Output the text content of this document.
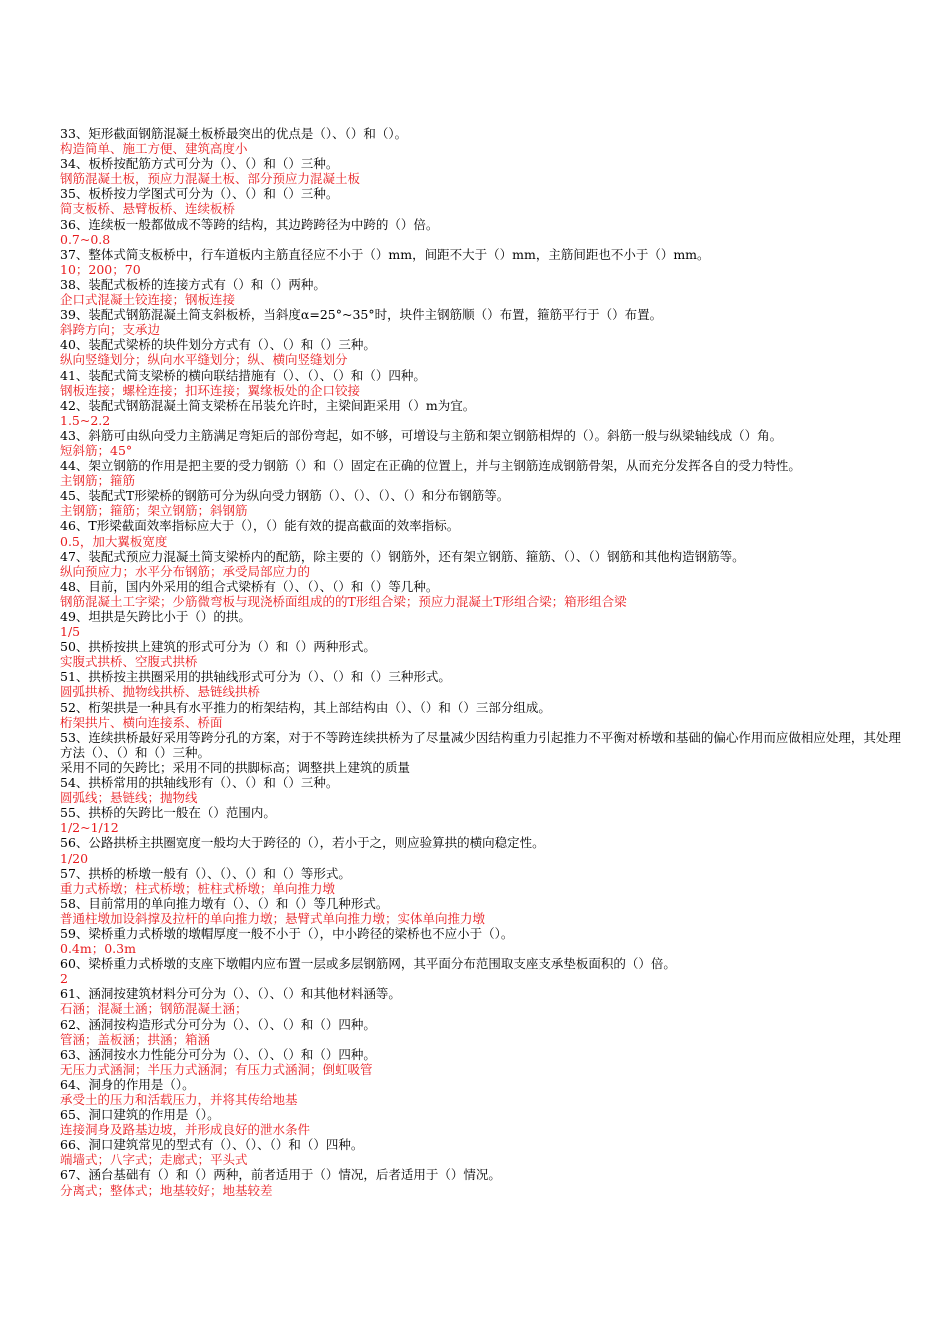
33、矩形截面钢筋混凝土板桥最突出的优点是（）、（）和（）。
构造简单、施工方便、建筑高度小
34、板桥按配筋方式可分为（）、（）和（）三种。
钢筋混凝土板，预应力混凝土板、部分预应力混凝土板
35、板桥按力学图式可分为（）、（）和（）三种。
简支板桥、悬臂板桥、连续板桥
36、连续板一般都做成不等跨的结构，其边跨跨径为中跨的（）倍。
0.7~0.8
37、整体式简支板桥中，行车道板内主筋直径应不小于（）mm，间距不大于（）mm，主筋间距也不小于（）mm。
10；200；70
38、装配式板桥的连接方式有（）和（）两种。
企口式混凝土铰连接；钢板连接
39、装配式钢筋混凝土简支斜板桥，当斜度α=25°~35°时，块件主钢筋顺（）布置，箍筋平行于（）布置。
斜跨方向；支承边
40、装配式梁桥的块件划分方式有（）、（）和（）三种。
纵向竖缝划分；纵向水平缝划分；纵、横向竖缝划分
41、装配式简支梁桥的横向联结措施有（）、（）、（）和（）四种。
钢板连接；螺栓连接；扣环连接；翼缘板处的企口铰接
42、装配式钢筋混凝土简支梁桥在吊装允许时，主梁间距采用（）m为宜。
1.5~2.2
43、斜筋可由纵向受力主筋满足弯矩后的部份弯起，如不够，可增设与主筋和架立钢筋相焊的（）。斜筋一般与纵梁轴线成（）角。
短斜筋；45°
44、架立钢筋的作用是把主要的受力钢筋（）和（）固定在正确的位置上，并与主钢筋连成钢筋骨架，从而充分发挥各自的受力特性。
主钢筋；箍筋
45、装配式T形梁桥的钢筋可分为纵向受力钢筋（）、（）、（）、（）和分布钢筋等。
主钢筋；箍筋；架立钢筋；斜钢筋
46、T形梁截面效率指标应大于（），（）能有效的提高截面的效率指标。
0.5，加大翼板宽度
47、装配式预应力混凝土简支梁桥内的配筋，除主要的（）钢筋外，还有架立钢筋、箍筋、（）、（）钢筋和其他构造钢筋等。
纵向预应力；水平分布钢筋；承受局部应力的
48、目前，国内外采用的组合式梁桥有（）、（）、（）和（）等几种。
钢筋混凝土工字梁；少筋微弯板与现浇桥面组成的的T形组合梁；预应力混凝土T形组合梁；箱形组合梁
49、坦拱是矢跨比小于（）的拱。
1/5
50、拱桥按拱上建筑的形式可分为（）和（）两种形式。
实腹式拱桥、空腹式拱桥
51、拱桥按主拱圈采用的拱轴线形式可分为（）、（）和（）三种形式。
圆弧拱桥、抛物线拱桥、悬链线拱桥
52、桁架拱是一种具有水平推力的桁架结构，其上部结构由（）、（）和（）三部分组成。
桁架拱片、横向连接系、桥面
53、连续拱桥最好采用等跨分孔的方案，对于不等跨连续拱桥为了尽量减少因结构重力引起推力不平衡对桥墩和基础的偏心作用而应做相应处理，其处理方法（）、（）和（）三种。
采用不同的矢跨比；采用不同的拱脚标高；调整拱上建筑的质量
54、拱桥常用的拱轴线形有（）、（）和（）三种。
圆弧线；悬链线；抛物线
55、拱桥的矢跨比一般在（）范围内。
1/2~1/12
56、公路拱桥主拱圈宽度一般均大于跨径的（），若小于之，则应验算拱的横向稳定性。
1/20
57、拱桥的桥墩一般有（）、（）、（）和（）等形式。
重力式桥墩；柱式桥墩；桩柱式桥墩；单向推力墩
58、目前常用的单向推力墩有（）、（）和（）等几种形式。
普通柱墩加设斜撑及拉杆的单向推力墩；悬臂式单向推力墩；实体单向推力墩
59、梁桥重力式桥墩的墩帽厚度一般不小于（），中小跨径的梁桥也不应小于（）。
0.4m；0.3m
60、梁桥重力式桥墩的支座下墩帽内应布置一层或多层钢筋网，其平面分布范围取支座支承垫板面积的（）倍。
2
61、涵洞按建筑材料分可分为（）、（）、（）和其他材料涵等。
石涵；混凝土涵；钢筋混凝土涵；
62、涵洞按构造形式分可分为（）、（）、（）和（）四种。
管涵；盖板涵；拱涵；箱涵
63、涵洞按水力性能分可分为（）、（）、（）和（）四种。
无压力式涵洞；半压力式涵洞；有压力式涵洞；倒虹吸管
64、洞身的作用是（）。
承受土的压力和活载压力，并将其传给地基
65、洞口建筑的作用是（）。
连接洞身及路基边坡，并形成良好的泄水条件
66、洞口建筑常见的型式有（）、（）、（）和（）四种。
端墙式；八字式；走廊式；平头式
67、涵台基础有（）和（）两种，前者适用于（）情况，后者适用于（）情况。
分离式；整体式；地基较好；地基较差
